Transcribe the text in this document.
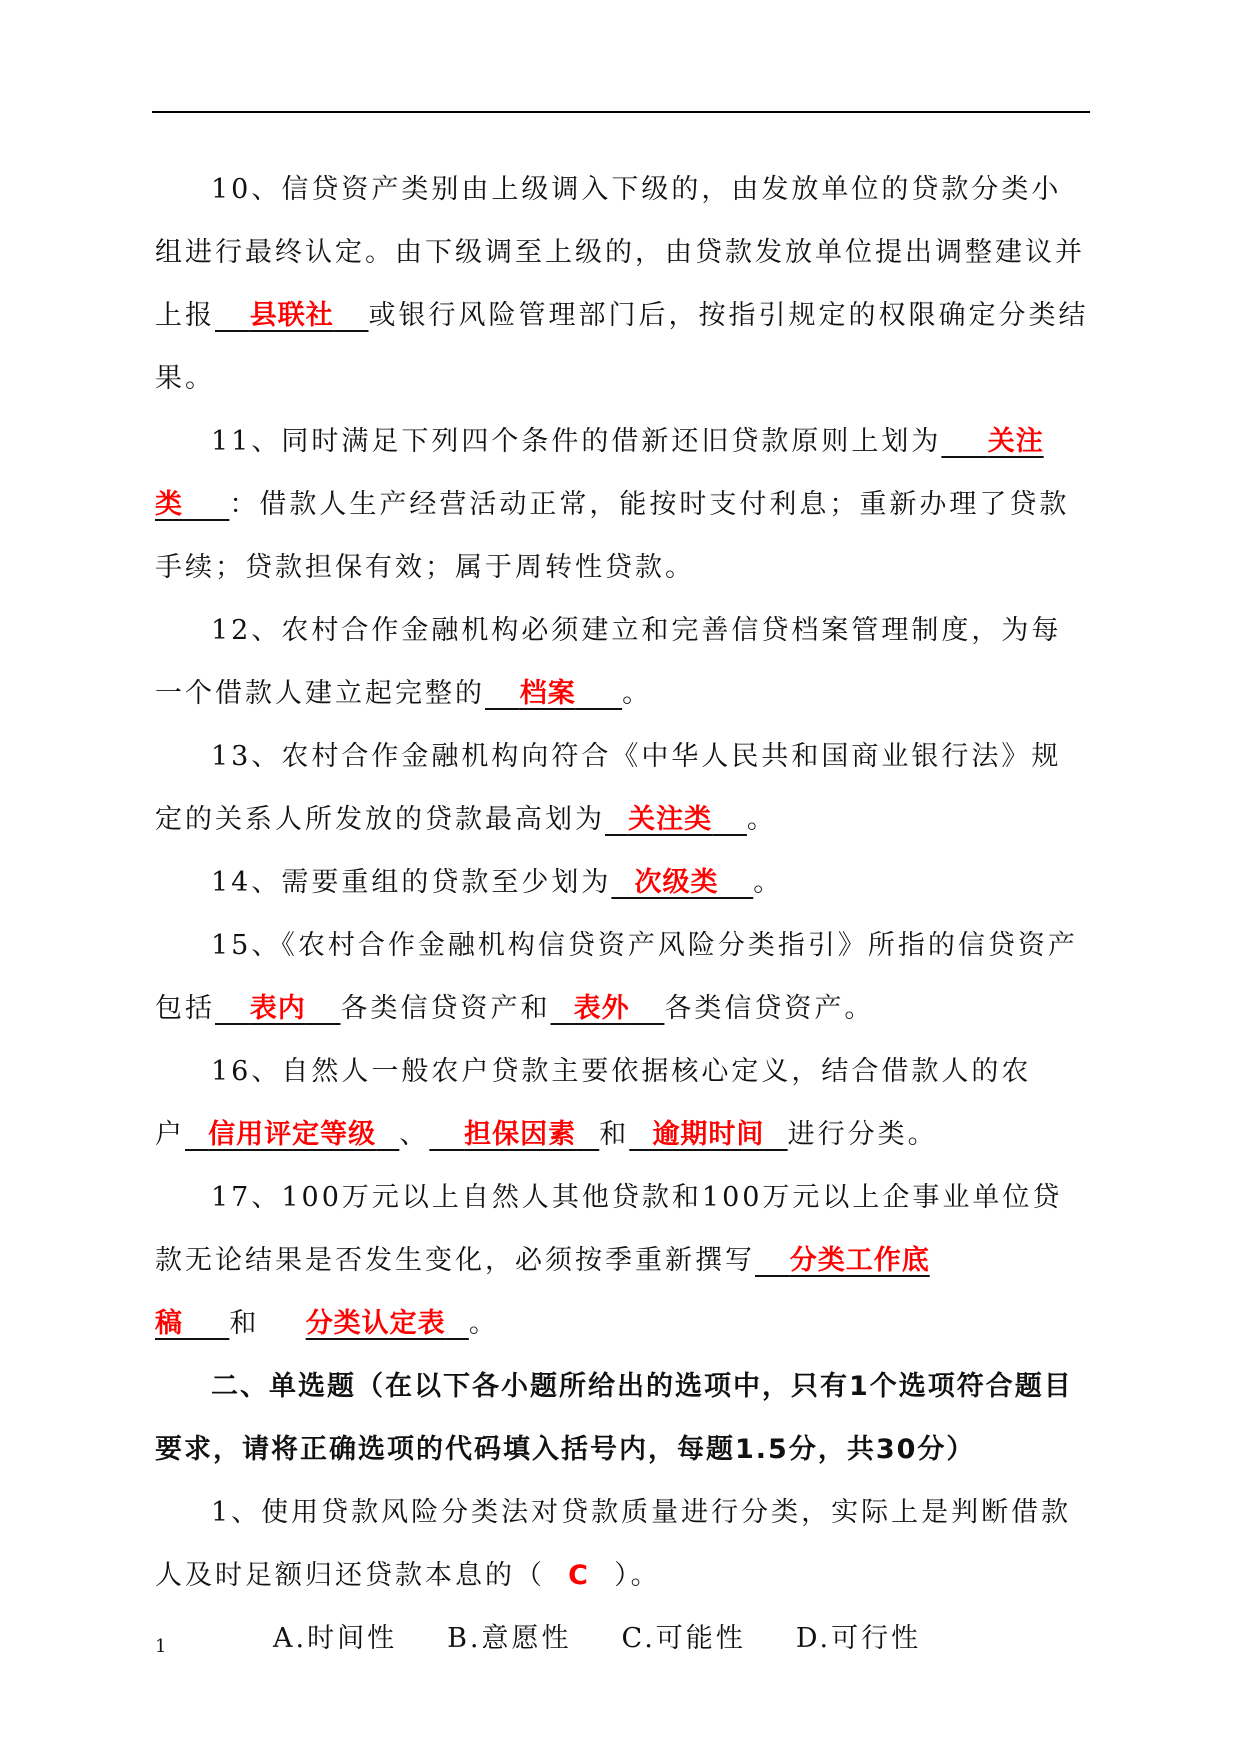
10、信贷资产类别由上级调入下级的，由发放单位的贷款分类小组进行最终认定。由下级调至上级的，由贷款发放单位提出调整建议并上报 县联社 或银行风险管理部门后，按指引规定的权限确定分类结果。

11、同时满足下列四个条件的借新还旧贷款原则上划为 关注类 ：借款人生产经营活动正常，能按时支付利息；重新办理了贷款手续；贷款担保有效；属于周转性贷款。

12、农村合作金融机构必须建立和完善信贷档案管理制度，为每一个借款人建立起完整的 档案 。

13、农村合作金融机构向符合《中华人民共和国商业银行法》规定的关系人所发放的贷款最高划为 关注类 。

14、需要重组的贷款至少划为 次级类 。

15、《农村合作金融机构信贷资产风险分类指引》所指的信贷资产包括 表内 各类信贷资产和 表外 各类信贷资产。

16、自然人一般农户贷款主要依据核心定义，结合借款人的农户 信用评定等级 、 担保因素 和 逾期时间 进行分类。

17、100万元以上自然人其他贷款和100万元以上企事业单位贷款无论结果是否发生变化，必须按季重新撰写 分类工作底稿 和 分类认定表 。

二、单选题（在以下各小题所给出的选项中，只有1个选项符合题目要求，请将正确选项的代码填入括号内，每题1.5分，共30分）

1、使用贷款风险分类法对贷款质量进行分类，实际上是判断借款人及时足额归还贷款本息的（ C ）。

A.时间性 B.意愿性 C.可能性 D.可行性

1
